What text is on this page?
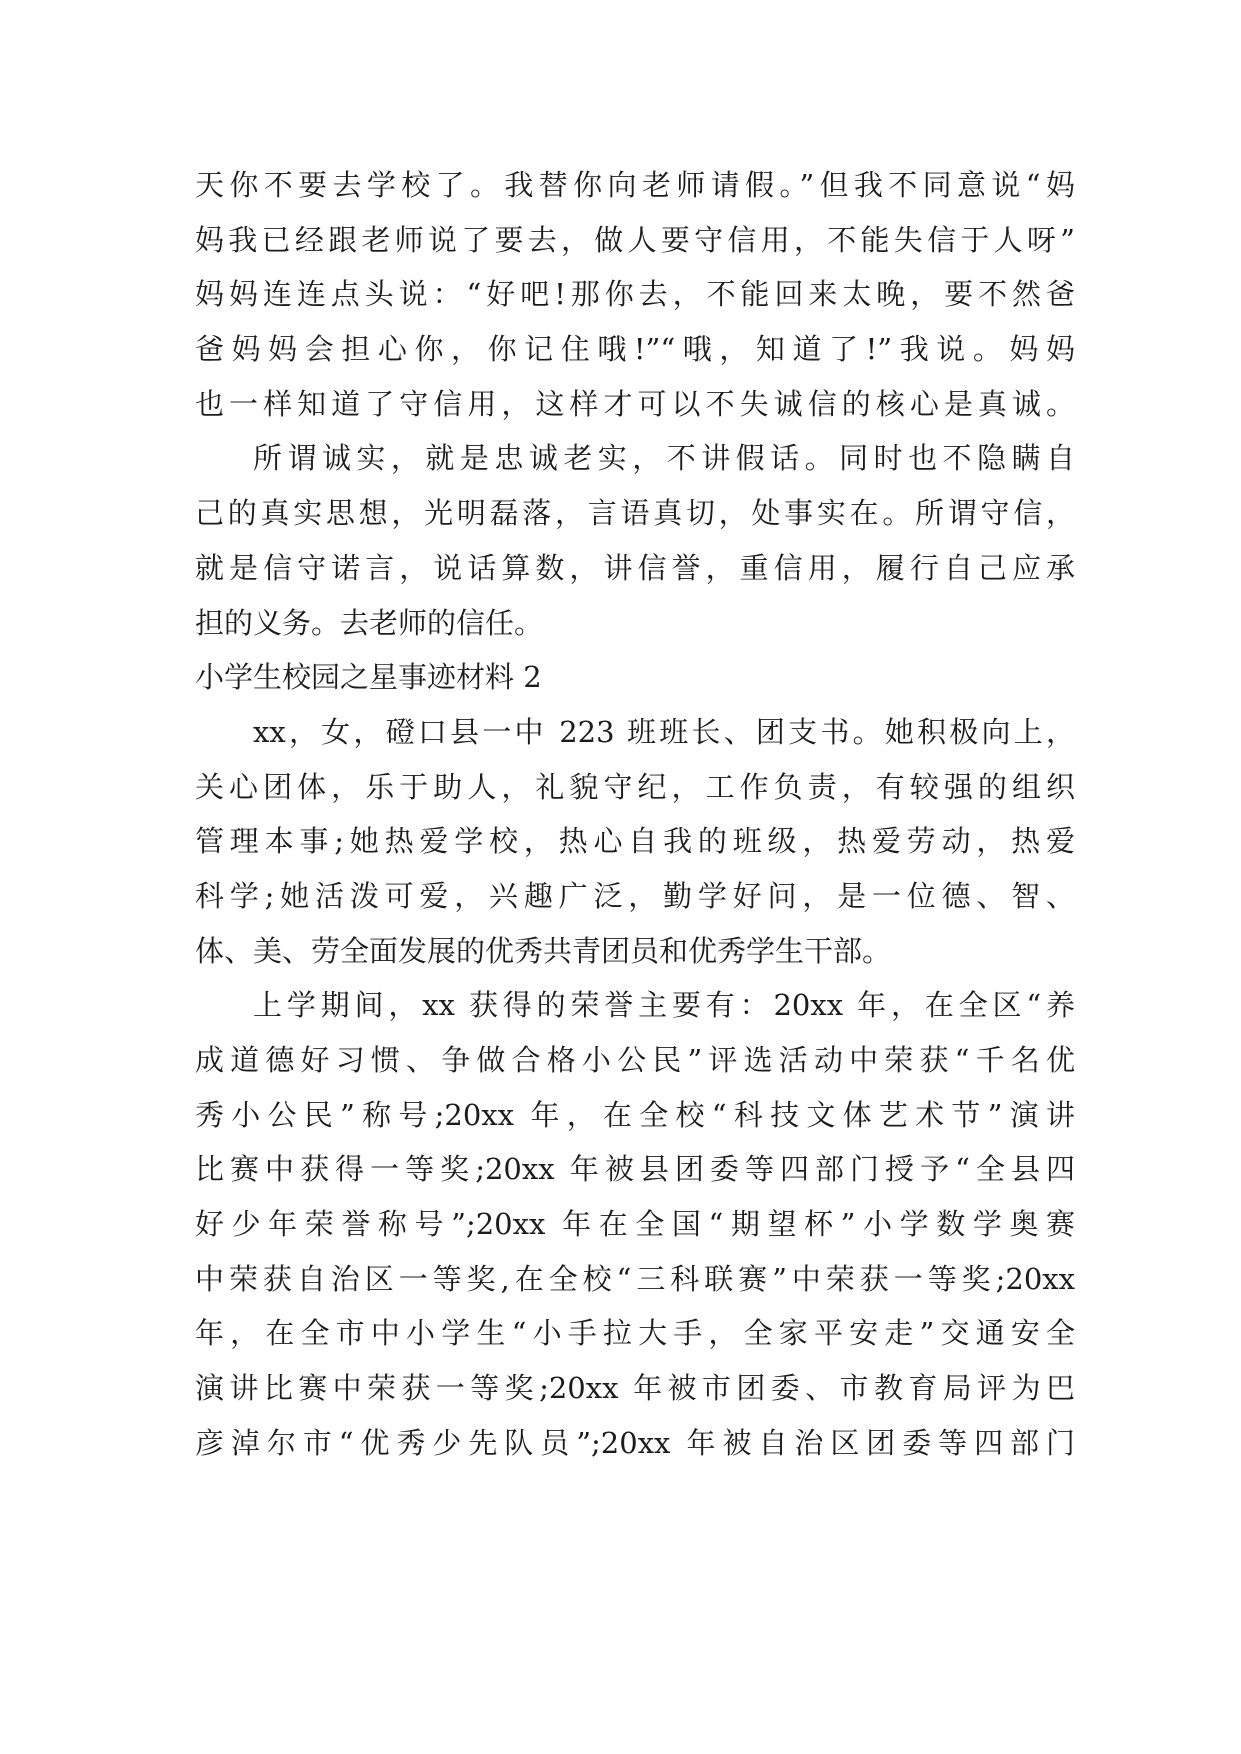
天你不要去学校了。我替你向老师请假。”但我不同意说“妈
妈我已经跟老师说了要去，做人要守信用，不能失信于人呀”
妈妈连连点头说：“好吧!那你去，不能回来太晚，要不然爸
爸妈妈会担心你，你记住哦!”“哦，知道了!”我说。妈妈
也一样知道了守信用，这样才可以不失诚信的核心是真诚。
所谓诚实，就是忠诚老实，不讲假话。同时也不隐瞒自
己的真实思想，光明磊落，言语真切，处事实在。所谓守信，
就是信守诺言，说话算数，讲信誉，重信用，履行自己应承
担的义务。去老师的信任。
小学生校园之星事迹材料 2
xx，女，磴口县一中 223 班班长、团支书。她积极向上，
关心团体，乐于助人，礼貌守纪，工作负责，有较强的组织
管理本事;她热爱学校，热心自我的班级，热爱劳动，热爱
科学;她活泼可爱，兴趣广泛，勤学好问，是一位德、智、
体、美、劳全面发展的优秀共青团员和优秀学生干部。
上学期间，xx 获得的荣誉主要有：20xx 年，在全区“养
成道德好习惯、争做合格小公民”评选活动中荣获“千名优
秀小公民”称号;20xx 年，在全校“科技文体艺术节”演讲
比赛中获得一等奖;20xx 年被县团委等四部门授予“全县四
好少年荣誉称号”;20xx 年在全国“期望杯”小学数学奥赛
中荣获自治区一等奖,在全校“三科联赛”中荣获一等奖;20xx
年，在全市中小学生“小手拉大手，全家平安走”交通安全
演讲比赛中荣获一等奖;20xx 年被市团委、市教育局评为巴
彦淖尔市“优秀少先队员”;20xx 年被自治区团委等四部门
